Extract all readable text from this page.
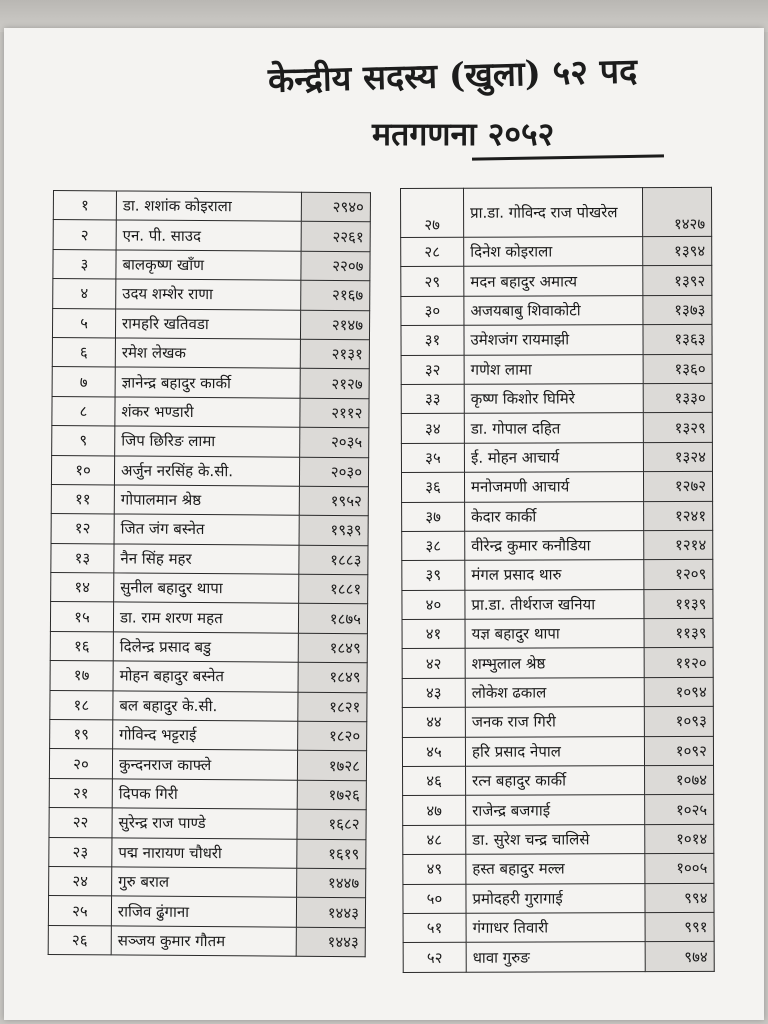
केन्द्रीय सदस्य (खुला) ५२ पद
मतगणना २०५२
१	डा. शशांक कोइराला	२९४०
२	एन. पी. साउद	२२६१
३	बालकृष्ण खाँण	२२०७
४	उदय शम्शेर राणा	२१६७
५	रामहरि खतिवडा	२१४७
६	रमेश लेखक	२१३१
७	ज्ञानेन्द्र बहादुर कार्की	२१२७
८	शंकर भण्डारी	२११२
९	जिप छिरिङ लामा	२०३५
१०	अर्जुन नरसिंह के.सी.	२०३०
११	गोपालमान श्रेष्ठ	१९५२
१२	जित जंग बस्नेत	१९३९
१३	नैन सिंह महर	१८८३
१४	सुनील बहादुर थापा	१८८१
१५	डा. राम शरण महत	१८७५
१६	दिलेन्द्र प्रसाद बडु	१८४९
१७	मोहन बहादुर बस्नेत	१८४९
१८	बल बहादुर के.सी.	१८२१
१९	गोविन्द भट्टराई	१८२०
२०	कुन्दनराज काफ्ले	१७२८
२१	दिपक गिरी	१७२६
२२	सुरेन्द्र राज पाण्डे	१६८२
२३	पद्म नारायण चौधरी	१६१९
२४	गुरु बराल	१४४७
२५	राजिव ढुंगाना	१४४३
२६	सञ्जय कुमार गौतम	१४४३
२७	प्रा.डा. गोविन्द राज पोखरेल	१४२७
२८	दिनेश कोइराला	१३९४
२९	मदन बहादुर अमात्य	१३९२
३०	अजयबाबु शिवाकोटी	१३७३
३१	उमेशजंग रायमाझी	१३६३
३२	गणेश लामा	१३६०
३३	कृष्ण किशोर घिमिरे	१३३०
३४	डा. गोपाल दहित	१३२९
३५	ई. मोहन आचार्य	१३२४
३६	मनोजमणी आचार्य	१२७२
३७	केदार कार्की	१२४१
३८	वीरेन्द्र कुमार कनौडिया	१२१४
३९	मंगल प्रसाद थारु	१२०९
४०	प्रा.डा. तीर्थराज खनिया	११३९
४१	यज्ञ बहादुर थापा	११३९
४२	शम्भुलाल श्रेष्ठ	११२०
४३	लोकेश ढकाल	१०९४
४४	जनक राज गिरी	१०९३
४५	हरि प्रसाद नेपाल	१०९२
४६	रत्न बहादुर कार्की	१०७४
४७	राजेन्द्र बजगाई	१०२५
४८	डा. सुरेश चन्द्र चालिसे	१०१४
४९	हस्त बहादुर मल्ल	१००५
५०	प्रमोदहरी गुरागाई	९९४
५१	गंगाधर तिवारी	९९१
५२	धावा गुरुङ	९७४
